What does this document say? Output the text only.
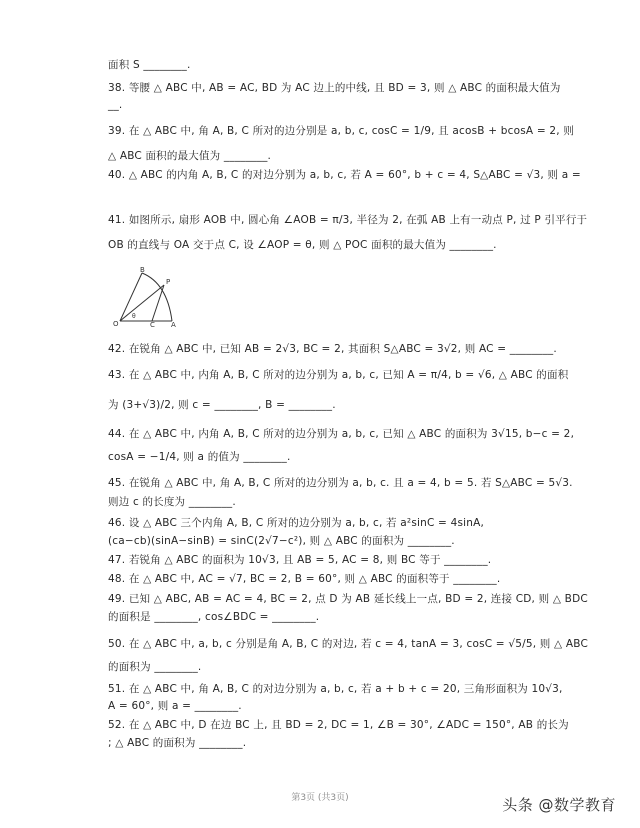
面积 S ________.
38. 等腰 △ ABC 中, AB = AC, BD 为 AC 边上的中线, 且 BD = 3, 则 △ ABC 的面积最大值为
__.
39. 在 △ ABC 中, 角 A, B, C 所对的边分别是 a, b, c, cosC = 1/9, 且 acosB + bcosA = 2, 则
△ ABC 面积的最大值为 ________.
40. △ ABC 的内角 A, B, C 的对边分别为 a, b, c, 若 A = 60°, b + c = 4, S△ABC = √3, 则 a =
41. 如图所示, 扇形 AOB 中, 圆心角 ∠AOB = π/3, 半径为 2, 在弧 AB 上有一动点 P, 过 P 引平行于
OB 的直线与 OA 交于点 C, 设 ∠AOP = θ, 则 △ POC 面积的最大值为 ________.
B
P
O	C A
θ
42. 在锐角 △ ABC 中, 已知 AB = 2√3, BC = 2, 其面积 S△ABC = 3√2, 则 AC = ________.
43. 在 △ ABC 中, 内角 A, B, C 所对的边分别为 a, b, c, 已知 A = π/4, b = √6, △ ABC 的面积
为 (3+√3)/2, 则 c = ________, B = ________.
44. 在 △ ABC 中, 内角 A, B, C 所对的边分别为 a, b, c, 已知 △ ABC 的面积为 3√15, b−c = 2,
cosA = −1/4, 则 a 的值为 ________.
45. 在锐角 △ ABC 中, 角 A, B, C 所对的边分别为 a, b, c. 且 a = 4, b = 5. 若 S△ABC = 5√3.
则边 c 的长度为 ________.
46. 设 △ ABC 三个内角 A, B, C 所对的边分别为 a, b, c, 若 a²sinC = 4sinA,
(ca−cb)(sinA−sinB) = sinC(2√7−c²), 则 △ ABC 的面积为 ________.
47. 若锐角 △ ABC 的面积为 10√3, 且 AB = 5, AC = 8, 则 BC 等于 ________.
48. 在 △ ABC 中, AC = √7, BC = 2, B = 60°, 则 △ ABC 的面积等于 ________.
49. 已知 △ ABC, AB = AC = 4, BC = 2, 点 D 为 AB 延长线上一点, BD = 2, 连接 CD, 则 △ BDC
的面积是 ________, cos∠BDC = ________.
50. 在 △ ABC 中, a, b, c 分别是角 A, B, C 的对边, 若 c = 4, tanA = 3, cosC = √5/5, 则 △ ABC
的面积为 ________.
51. 在 △ ABC 中, 角 A, B, C 的对边分别为 a, b, c, 若 a + b + c = 20, 三角形面积为 10√3,
A = 60°, 则 a = ________.
52. 在 △ ABC 中, D 在边 BC 上, 且 BD = 2, DC = 1, ∠B = 30°, ∠ADC = 150°, AB 的长为
; △ ABC 的面积为 ________.
第3页 (共3页)	头条 @数学教育
